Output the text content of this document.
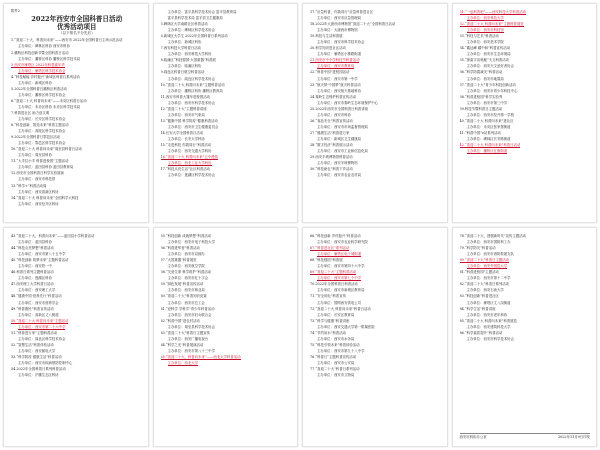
附件2
2022年西安市全国科普日活动
优秀活动项目
（以下排名不分先后）
1.“喜迎二十大，科普向未来”——西安市 2022年全国科普日主场示范活动
主办单位：碑林区科协 西安市科协
2.灞桥区科技创新节暨全国科普日活动
主办单位：灞桥区科协 灞桥区科学技术局
3.西安市雁塔区 2022年科普嘉年华
主办单位：雁塔区科学技术协会
4.“科技赋能 乡村振兴”新城区科普日系列活动
主办单位：新城区科协
5.2022年全国科普日灞桥区科普活动
主办单位：灞桥区科学技术协会
6.“喜迎二十大 科普向未来”——未央区科普日活动
主办单位：未央区科协 未央区科学技术局
7.科普进社区 助力创文明
主办单位：长安区科学技术协会
8.“科技创新、智造未来”科普主题活动
主办单位：高陵区科学技术协会
9.2022年全国科普日鄠邑区活动
主办单位：鄠邑区科学技术协会
10.“喜迎二十大 科普向未来”周至县科普日活动
主办单位：周至县科协
11.“大手拉小手 科普进校园”主题活动
主办单位：蓝田县科协 蓝田县教育局
12.西安市全国科普日科学实验展演
主办单位：西安市科技馆
13.“科学+”科普活动周
主办单位：西安高新区科协
14.“喜迎二十大 科普向未来”全国科学大科技
主办单位：西安经开区科协
主办单位：富平县科学技术协会 富平县教育局
富平县科学技术局 富平县卫生健康局
5.碑林区大学南路社区科普活动
主办单位：碑林区科学技术协会
6.新城区大学生 2022年全国科普日系列活动
主办单位：新城区科协
7.西安科技大学科普日活动
主办单位：西安科技大学科协
8.临潼区“科技强国·大国重器”科普展
主办单位：临潼区科协
9.阎良区科普日航空科普活动
主办单位：阎良区科学技术协会
10.“喜迎二十大 科普向未来”主题科普活动
主办单位：灞桥区科协 灞桥区教育局
11.西安市科普大篷车进校园活动
主办单位：西安市科学技术协会
12.“喜迎二十大”主题科普讲座
主办单位：西安市气象局
13.“健康中国 科学防疫”健康科普活动
主办单位：西安市卫生健康委员会
14.长安大学全国科普日活动
主办单位：长安大学科协
15.“走进科技 你我同行”科普活动
主办单位：西安交通大学科协
16.“喜迎二十大 科普向未来”云中漫游
主办单位：西北工业大学科协
17.“科技点亮生活”社区科普活动
主办单位：莲湖区科学技术协会
17.“应急科普，你我同行”应急科普进社区
主办单位：西安市应急管理局
18.2022年大唐西市博物馆“喜迎二十大”全国科普日活动
主办单位：大唐西市博物馆
19.科技与生活科普展
主办单位：西安市科学技术协会
20.科学知识进社区活动
主办单位：雁塔区小寨路街道
21.西安市中小学科技节科普活动
主办单位：西安市教育局
22.“科普中国”进校园活动
主办单位：西安市第一中学
23.“航天梦·中国梦”航天科普活动
主办单位：西安航天基地科协
24.秦岭生态保护科普宣传活动
主办单位：西安市秦岭生态环境保护中心
25.2022年西安市全国科普日科普讲座
主办单位：西安市科协
26.“食品安全”科普宣传活动
主办单位：西安市市场监督管理局
27.“健康生活”科普进万家
主办单位：新城区卫生健康局
28.“数字经济”科普展示活动
主办单位：西安市工业和信息化局
29.西安半坡博物馆科普活动
主办单位：西安半坡博物馆
30.“科技助农”科普下乡活动
主办单位：西安市农业农村局
31.“一起科普吧”——西安科技大学科普活动
主办单位：西安科技大学
32.“喜迎二十大 科普向未来”主题科普展览
主办单位：西安市科技馆
33.“科技与艺术”科普活动
主办单位：西安美术学院
34.“碳达峰 碳中和”科普宣传活动
主办单位：西安市生态环境局
35.“探索宇宙奥秘”天文科普活动
主办单位：西安天文爱好者协会
36.“科学防震减灾”科普活动
主办单位：西安市地震局
37.“喜迎二十大”青少年科技创新活动
主办单位：西安市青少年科技中心
38.“科普进校园”科学实验秀
主办单位：西安市第三中学
39.科技节暨科普日主题活动
主办单位：西安市经开第一学校
40.“喜迎二十大 科普向未来”进社区
主办单位：未央区张家堡街道
41.“科普中国”e站系列活动
主办单位：碑林区长安路街道
42.“喜迎二十大 科普向未来”科普日活动
主办单位：灞桥区红旗街道
43.“喜迎二十大，科普向未来”——蓝田县小学科普活动
主办单位：蓝田县科协
44.“科技点亮梦想”科普活动
主办单位：西安市第八十五中学
45.“科技创新 筑梦未来”主题科普活动
主办单位：西安铁一中
46.科普日系列主题科普活动
主办单位：莲湖区科协
47.西安理工大学科普日活动
主办单位：西安理工大学
48.“健康中国·营养先行”科普活动
主办单位：西安市营养学会
49.“科普惠民”科普宣传活动
主办单位：高新区丈八街道
50.“喜迎二十大 科普向未来”主题活动
主办单位：西安市第二十六中学
51.“科普进万家”主题科普活动
主办单位：阎良区科学技术协会
52.“智慧生活”科普体验活动
主办单位：西安邮电大学
53.“科学防疫 健康生活”科普活动
主办单位：西安市疾病预防控制中心
54.2022年全国科普日系列科普活动
主办单位：沪灞生态区科协
55.“科技创新 成就梦想”科普活动
主办单位：西安市电子科技大学
56.“科普进军营”科普活动
主办单位：西安市双拥办
57.“大国重器”科普展览
主办单位：西安航空学院
58.“关爱生命 科学救护”科普活动
主办单位：西安市红十字会
59.“绿色发展”科普宣传活动
主办单位：西安市林业局
60.“喜迎二十大”科普知识竞赛
主办单位：西安市总工会
61.“爱科学 学科学”青少年科普活动
主办单位：西安市妇女联合会
62.“科普中国”进农村活动
主办单位：周至县科学技术协会
63.“喜迎二十大”科普日主题宣传
主办单位：西安广播电视台
64.“科学之光”科普展演活动
主办单位：西安市第八十三中学
65.“喜迎二十大，科普向未来”——西北大学科普活动
主办单位：西北大学
66.“科技创新 乡村振兴”科普活动
主办单位：西安市农业科学研究院
67.“科普进社区”系列活动
主办单位：雁塔区电子城街道
68.“科技强国”科普展
主办单位：西安市第四十六中学
69.“喜迎二十大”主题科普活动
主办单位：西安市第七十中学
70.2022年全国科普日科普活动
主办单位：西安市新城区教育局
71.“安全用电”科普宣传
主办单位：国网西安供电公司
72.“喜迎二十大 科普向未来”科普日活动
主办单位：长安区教育局
73.“科学与健康”科普讲座
主办单位：西安交通大学第一附属医院
74.“节约用水”科普活动
主办单位：西安市水务局
75.“科技引领未来”科普体验活动
主办单位：西安市第九十八中学
76.“科普日”主题科普宣传活动
主办单位：西安市公安局
77.“喜迎二十大”科普日系列活动
主办单位：西安市文物局
78.“喜迎二十大，建强新时代”宣传主题活动
主办单位：西安市国防科工办
79.“科学防灾”科普活动
主办单位：西安市消防救援支队
80.“喜迎二十大”科普日主题活动
主办单位：西安外国语大学
81.“科普进校园”主题活动
主办单位：西安市第十二中学
82.“喜迎二十大”科普日系列活动
主办单位：西安石油大学
83.“科技创新”科普进社区
主办单位：雁塔区丈八沟街道
84.“科学生活”科普讲座
主办单位：西安市老年科协
85.“喜迎二十大 科普向未来”科普展览
主办单位：西安建筑科技大学
86.“科学素质提升”科普活动
主办单位：西安市科学技术协会
西安市科协办公室	2022年11月9日印发
